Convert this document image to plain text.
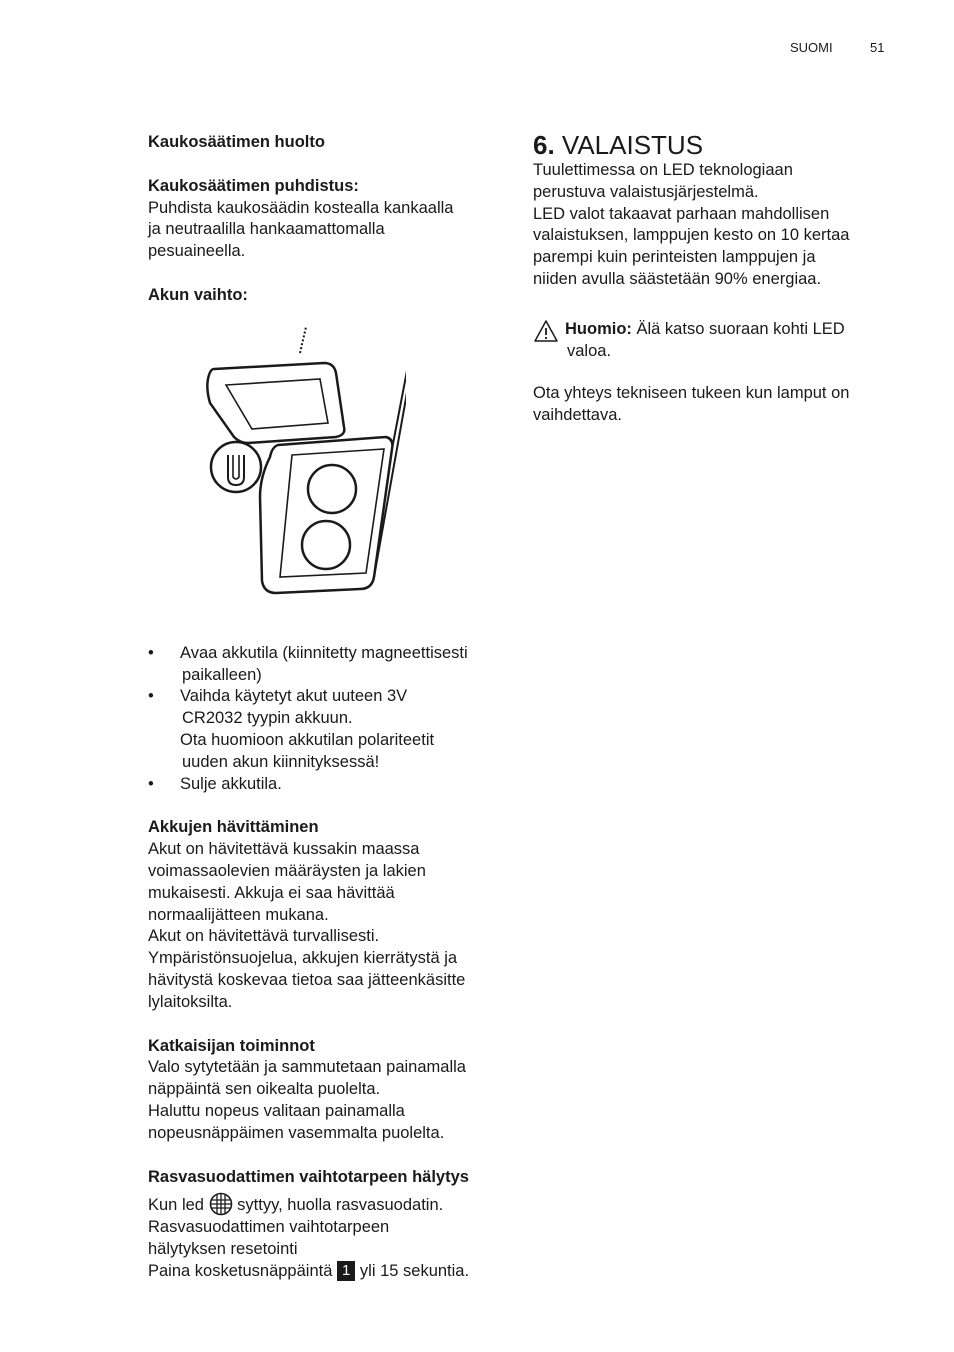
SUOMI	51

Kaukosäätimen huolto

Kaukosäätimen puhdistus:

Puhdista kaukosäädin kostealla kankaalla

ja neutraalilla hankaamattomalla

pesuaineella.

Akun vaihto:

• Avaa akkutila (kiinnitetty magneettisesti
paikalleen)
• Vaihda käytetyt akut uuteen 3V
CR2032 tyypin akkuun.
Ota huomioon akkutilan polariteetit
uuden akun kiinnityksessä!
• Sulje akkutila.

Akkujen hävittäminen

Akut on hävitettävä kussakin maassa

voimassaolevien määräysten ja lakien

mukaisesti. Akkuja ei saa hävittää

normaalijätteen mukana.

Akut on hävitettävä turvallisesti.

Ympäristönsuojelua, akkujen kierrätystä ja

hävitystä koskevaa tietoa saa jätteenkäsitte

lylaitoksilta.

Katkaisijan toiminnot

Valo sytytetään ja sammutetaan painamalla

näppäintä sen oikealta puolelta.

Haluttu nopeus valitaan painamalla

nopeusnäppäimen vasemmalta puolelta.

Rasvasuodattimen vaihtotarpeen hälytys

Kun led syttyy, huolla rasvasuodatin.

Rasvasuodattimen vaihtotarpeen

hälytyksen resetointi

Paina kosketusnäppäintä 1 yli 15 sekuntia.

6. VALAISTUS

Tuulettimessa on LED teknologiaan

perustuva valaistusjärjestelmä.

LED valot takaavat parhaan mahdollisen

valaistuksen, lamppujen kesto on 10 kertaa

parempi kuin perinteisten lamppujen ja

niiden avulla säästetään 90% energiaa.

Huomio: Älä katso suoraan kohti LED
valoa.

Ota yhteys tekniseen tukeen kun lamput on

vaihdettava.
